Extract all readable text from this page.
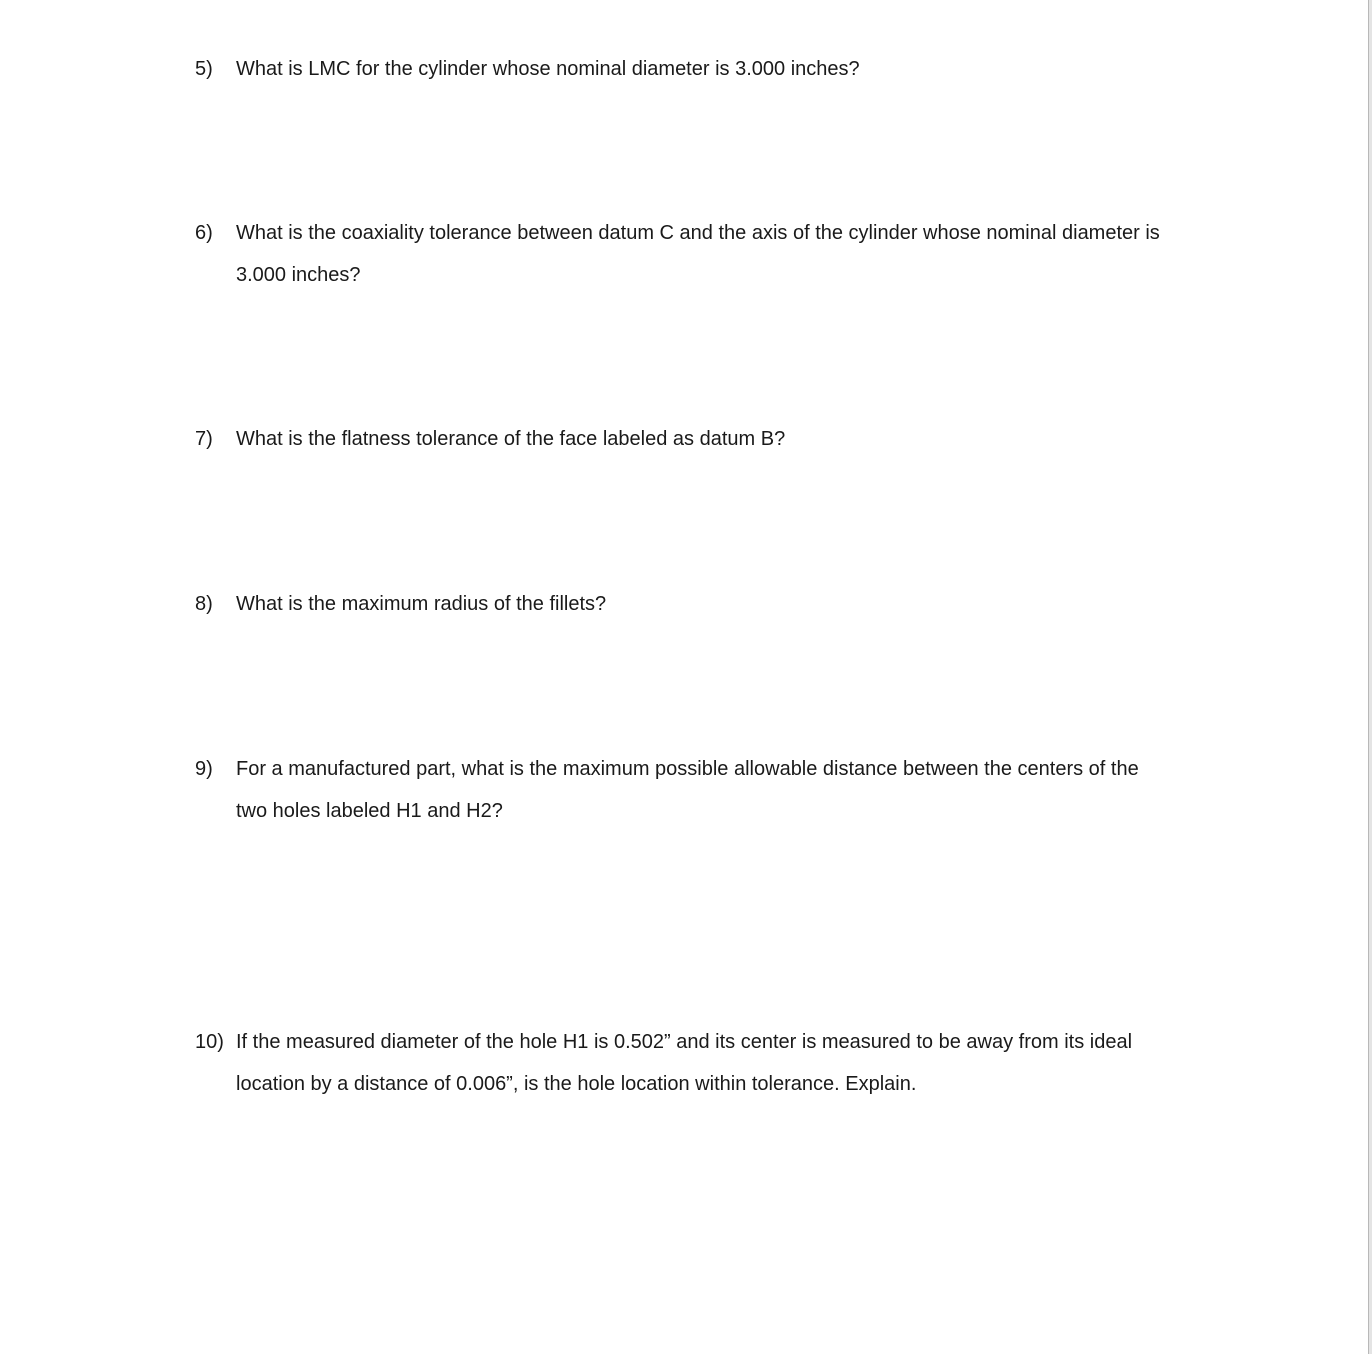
5) What is LMC for the cylinder whose nominal diameter is 3.000 inches?
6) What is the coaxiality tolerance between datum C and the axis of the cylinder whose nominal diameter is
3.000 inches?
7) What is the flatness tolerance of the face labeled as datum B?
8) What is the maximum radius of the fillets?
9) For a manufactured part, what is the maximum possible allowable distance between the centers of the
two holes labeled H1 and H2?
10) If the measured diameter of the hole H1 is 0.502” and its center is measured to be away from its ideal
location by a distance of 0.006”, is the hole location within tolerance. Explain.
